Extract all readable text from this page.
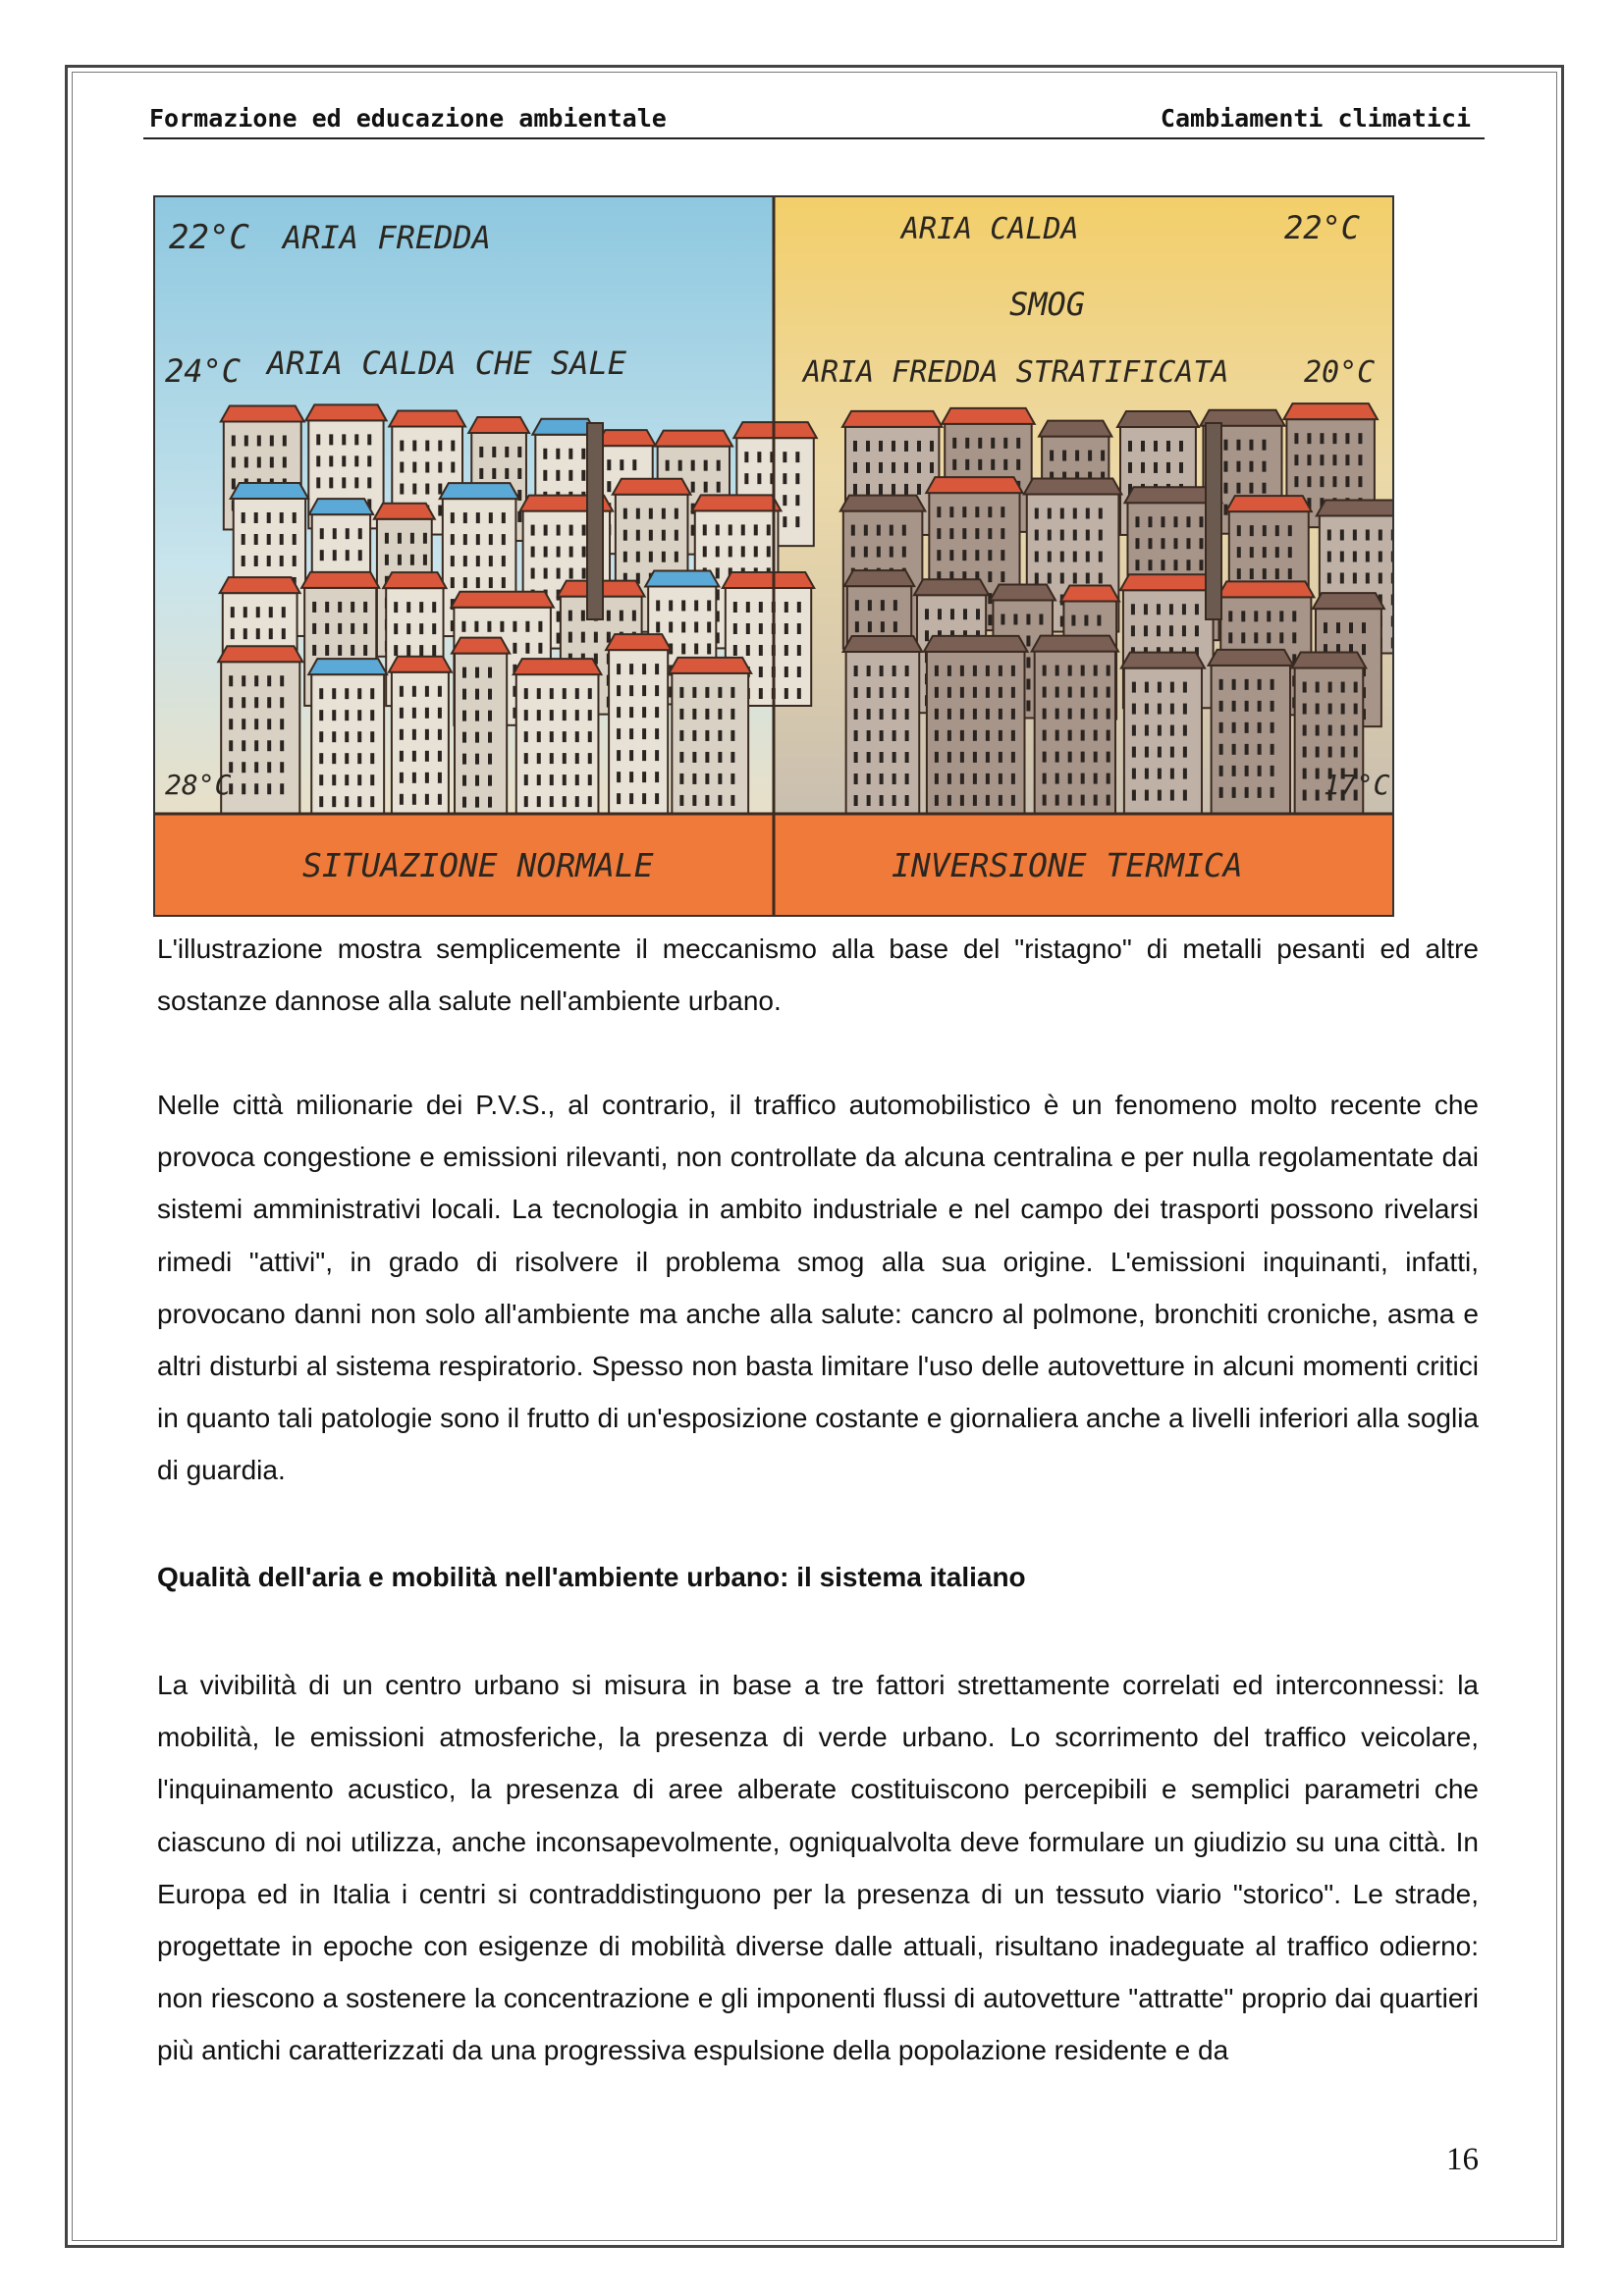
Formazione ed educazione ambientale	Cambiamenti climatici
22°C ARIA FREDDA
24°C ARIA CALDA CHE SALE
28°C
SITUAZIONE NORMALE
ARIA CALDA	22°C
SMOG
ARIA FREDDA STRATIFICATA	20°C
17°C
INVERSIONE TERMICA

L'illustrazione mostra semplicemente il meccanismo alla base del "ristagno" di metalli pesanti ed altre sostanze dannose alla salute nell'ambiente urbano.

Nelle città milionarie dei P.V.S., al contrario, il traffico automobilistico è un fenomeno molto recente che provoca congestione e emissioni rilevanti, non controllate da alcuna centralina e per nulla regolamentate dai sistemi amministrativi locali. La tecnologia in ambito industriale e nel campo dei trasporti possono rivelarsi rimedi "attivi", in grado di risolvere il problema smog alla sua origine. L'emissioni inquinanti, infatti, provocano danni non solo all'ambiente ma anche alla salute: cancro al polmone, bronchiti croniche, asma e altri disturbi al sistema respiratorio. Spesso non basta limitare l'uso delle autovetture in alcuni momenti critici in quanto tali patologie sono il frutto di un'esposizione costante e giornaliera anche a livelli inferiori alla soglia di guardia.

Qualità dell'aria e mobilità nell'ambiente urbano: il sistema italiano

La vivibilità di un centro urbano si misura in base a tre fattori strettamente correlati ed interconnessi: la mobilità, le emissioni atmosferiche, la presenza di verde urbano. Lo scorrimento del traffico veicolare, l'inquinamento acustico, la presenza di aree alberate costituiscono percepibili e semplici parametri che ciascuno di noi utilizza, anche inconsapevolmente, ogniqualvolta deve formulare un giudizio su una città. In Europa ed in Italia i centri si contraddistinguono per la presenza di un tessuto viario "storico". Le strade, progettate in epoche con esigenze di mobilità diverse dalle attuali, risultano inadeguate al traffico odierno: non riescono a sostenere la concentrazione e gli imponenti flussi di autovetture "attratte" proprio dai quartieri più antichi caratterizzati da una progressiva espulsione della popolazione residente e da

16
